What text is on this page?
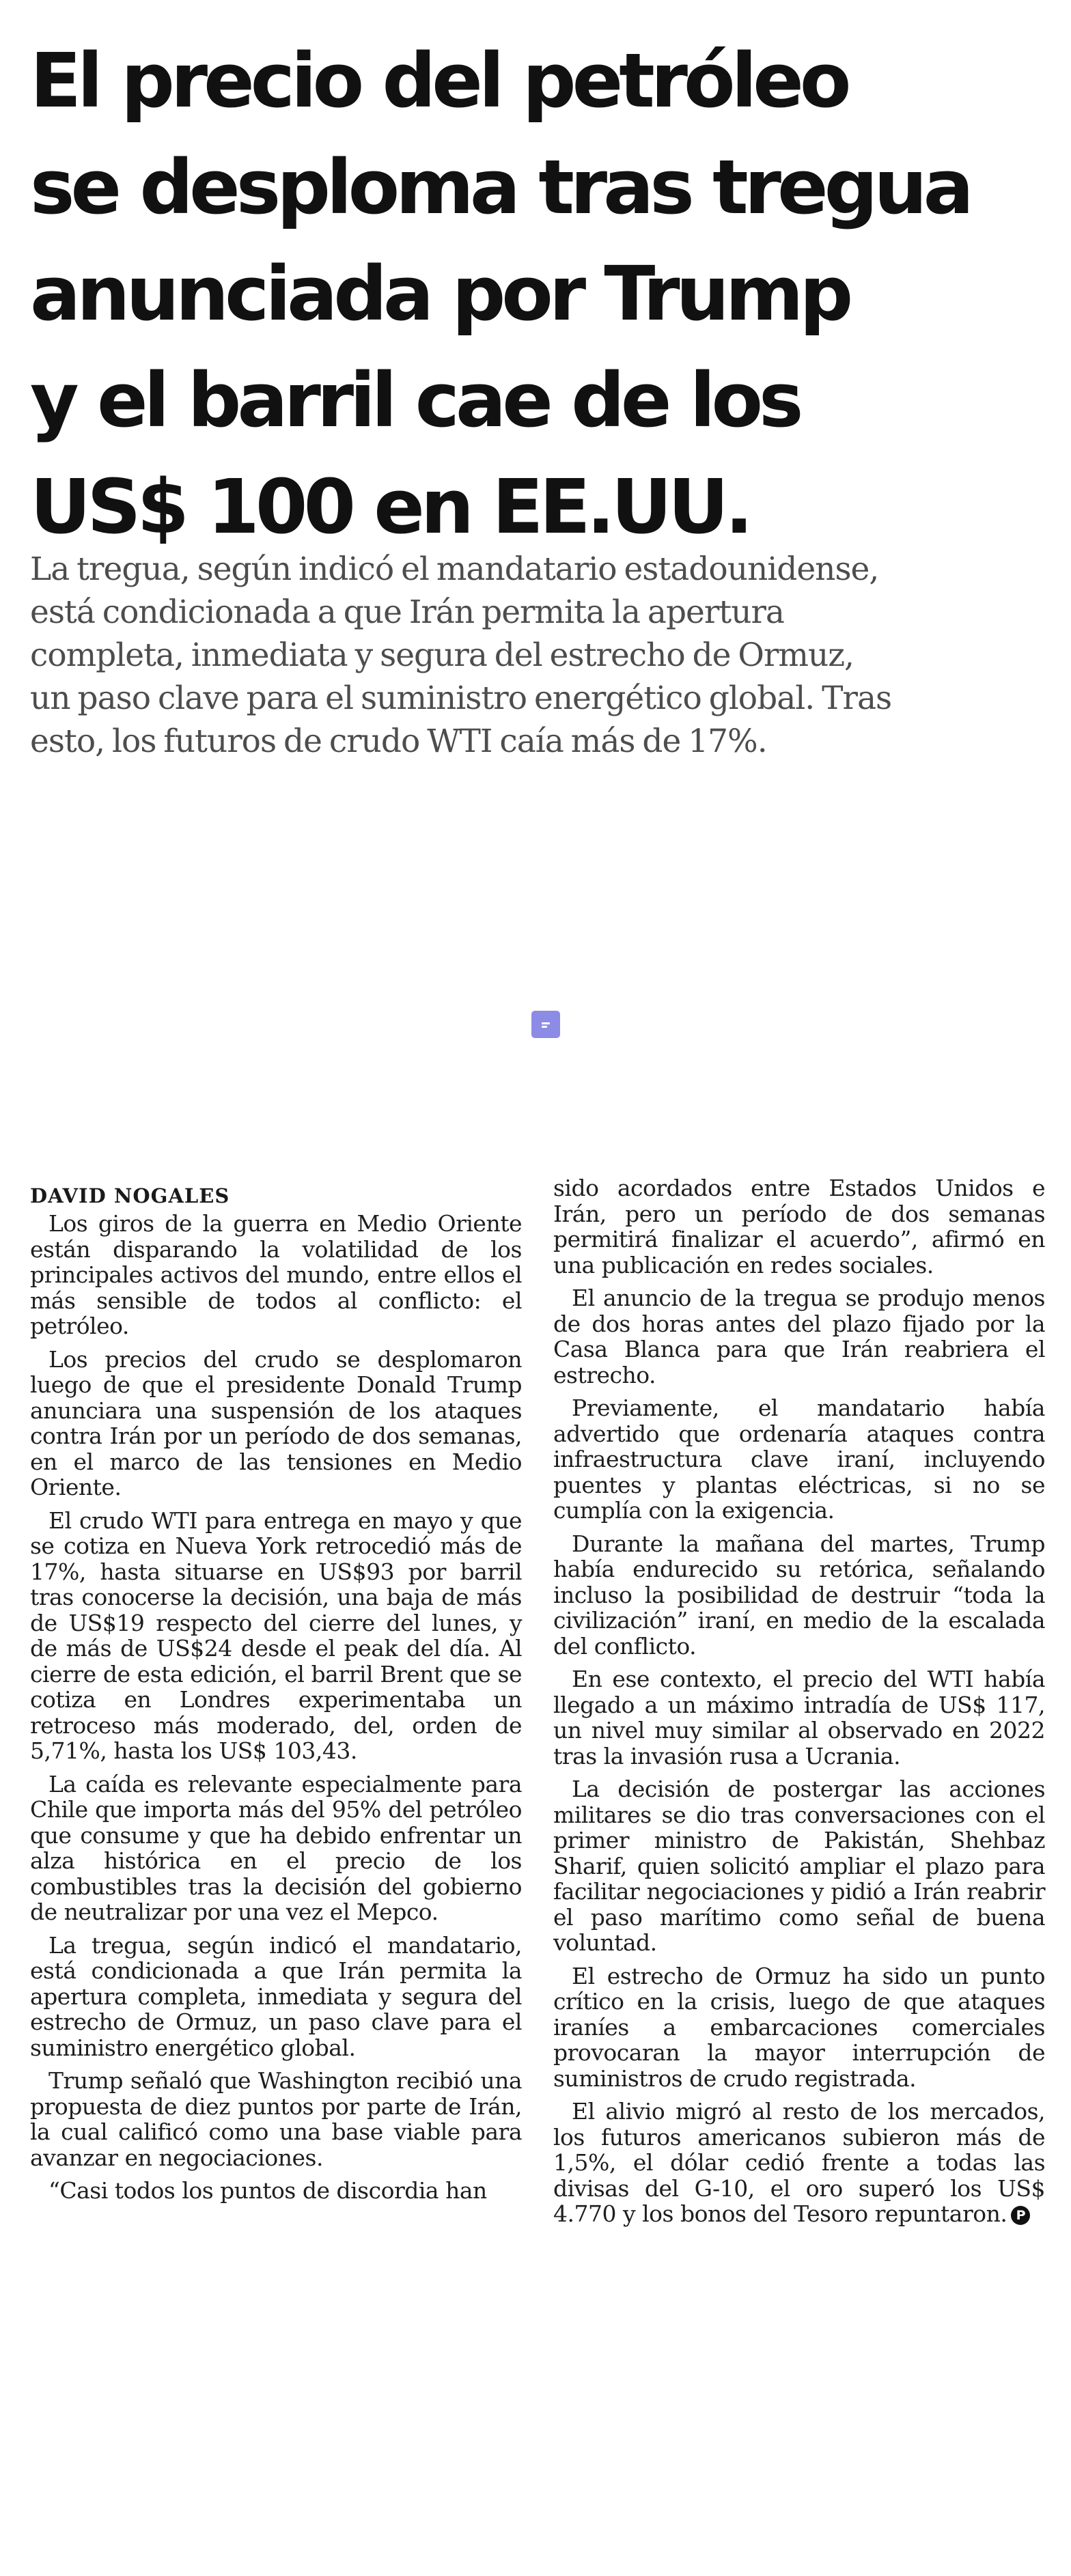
El precio del petróleo
se desploma tras tregua
anunciada por Trump
y el barril cae de los
US$ 100 en EE.UU.

La tregua, según indicó el mandatario estadounidense,
está condicionada a que Irán permita la apertura
completa, inmediata y segura del estrecho de Ormuz,
un paso clave para el suministro energético global. Tras
esto, los futuros de crudo WTI caía más de 17%.

DAVID NOGALES

Los giros de la guerra en Medio Oriente están disparando la volatilidad de los principales activos del mundo, entre ellos el más sensible de todos al conflicto: el petróleo.

Los precios del crudo se desplomaron luego de que el presidente Donald Trump anunciara una suspensión de los ataques contra Irán por un período de dos semanas, en el marco de las tensiones en Medio Oriente.

El crudo WTI para entrega en mayo y que se cotiza en Nueva York retrocedió más de 17%, hasta situarse en US$93 por barril tras conocerse la decisión, una baja de más de US$19 respecto del cierre del lunes, y de más de US$24 desde el peak del día. Al cierre de esta edición, el barril Brent que se cotiza en Londres experimentaba un retroceso más moderado, del, orden de 5,71%, hasta los US$ 103,43.

La caída es relevante especialmente para Chile que importa más del 95% del petróleo que consume y que ha debido enfrentar un alza histórica en el precio de los combustibles tras la decisión del gobierno de neutralizar por una vez el Mepco.

La tregua, según indicó el mandatario, está condicionada a que Irán permita la apertura completa, inmediata y segura del estrecho de Ormuz, un paso clave para el suministro energético global.

Trump señaló que Washington recibió una propuesta de diez puntos por parte de Irán, la cual calificó como una base viable para avanzar en negociaciones.

“Casi todos los puntos de discordia han

sido acordados entre Estados Unidos e Irán, pero un período de dos semanas permitirá finalizar el acuerdo”, afirmó en una publicación en redes sociales.

El anuncio de la tregua se produjo menos de dos horas antes del plazo fijado por la Casa Blanca para que Irán reabriera el estrecho.

Previamente, el mandatario había advertido que ordenaría ataques contra infraestructura clave iraní, incluyendo puentes y plantas eléctricas, si no se cumplía con la exigencia.

Durante la mañana del martes, Trump había endurecido su retórica, señalando incluso la posibilidad de destruir “toda la civilización” iraní, en medio de la escalada del conflicto.

En ese contexto, el precio del WTI había llegado a un máximo intradía de US$ 117, un nivel muy similar al observado en 2022 tras la invasión rusa a Ucrania.

La decisión de postergar las acciones militares se dio tras conversaciones con el primer ministro de Pakistán, Shehbaz Sharif, quien solicitó ampliar el plazo para facilitar negociaciones y pidió a Irán reabrir el paso marítimo como señal de buena voluntad.

El estrecho de Ormuz ha sido un punto crítico en la crisis, luego de que ataques iraníes a embarcaciones comerciales provocaran la mayor interrupción de suministros de crudo registrada.

El alivio migró al resto de los mercados, los futuros americanos subieron más de 1,5%, el dólar cedió frente a todas las divisas del G-10, el oro superó los US$ 4.770 y los bonos del Tesoro repuntaron. P
